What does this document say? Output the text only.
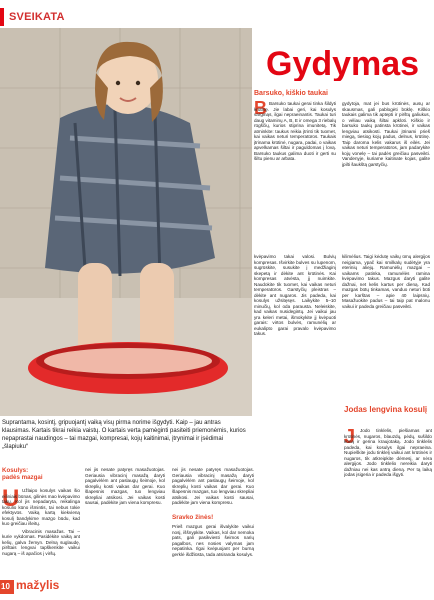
SVEIKATA
Gydymas
Suprantama, kosintį, gripuojantį vaiką visų pirma norime išgydyti. Kaip – jau antras klausimas. Kartais tikrai reikia vaistų. O kartais verta pamėginti pasiteiti priemonėmis, kurios nepaprastai naudingos – tai mazgai, kompresai, kojų kaitinimai, įtrynimai ir įsėdimai „šlapiuku“
Kosulys:
padės mazgai
U Užlaipo kosulys vaikas šio eiliniais būnas, gilinės mao kvėpavimo takų. Kol jis nepadaryta, reikalinga kosulio kūno išmintis, tai nebus tokie efektyvūs. Vaiką kartą kiekvieną kosulį bandykime mazgo būdu, kad kuo greičiau išeitų.

Vibracinis masažas. Tai – kurie vykdomas. Pasidėkite vaiką ant kelių, galva žemyn. Delną suglaudę, pirštais lengvai tapškenkite vaikui nugarą – iš apačios į viršų.

nei jis nesate patyręs masažuotojas. Geriausia vibracinį masažą daryti pagalvėlėm ant paslaugų šeimoje, kol skreplių kosti vaikas dar gerai. Kuo šlapesnis mazgas, tuo lengviau skrepliai atsikosi. Jei vaikas kosti sausai, padėkite jam viena kompresu.
Barsuko, kiškio taukai
B Barsuko taukai gerai tinka šildyti krūtinę. Jie labai geri, kai kosulys varginąs, ilgai nepraeinantis. Taukai turi daug vitaminų A, B, E ir omega 3 riebalų rūgščių, kurios stiprina imunitetą. Tik atminkite: taukus reikia įtrinti tik tuomet, kai vaikas neturi temperatūros. Taukais įtrinama krūtinė, nugara, padai, o vaikas apvelkamas šiltai ir paguldomas į lovą. Barsuko taukus galima duoti ir gerti su šiltu pienu ar arbata.
gydytoja, mat jei bus krūtinės, ausų ar skausmas, gali pablogėti būklę. Kiškio taukais galima tik aptepti ir pirštų galiukus, o vėliau vaiką šiltai apkloti. Kiškio ir barsuko taukų patinsta krūtinei, ir vaikas lengviau atsikosti. Taukai įtrinami prieš miegą, tiesiog kojų padus, delnus, krūtinę. Taip daroma kelis vakarus iš eilės. Jei vaikas neturi temperatūros, jam padarykite kojų vonelę – tai padės greičiau pasveikti. Vandenyje, kuriame kaitinate kojas, galite įpilti šaukštą garstyčių.
kvėpavimo takai valosi. Bulvių kompresas. Išvirkite bulves su lupenom, sugrūskite, susukite į medžiaginį skepetą ir dėkite ant krūtinės. Kai kompresas atvėsta, jį nuimkite. Naudokite tik tuomet, kai vaikas neturi temperatūros. Garstyčių pleistras – dėkite ant nugaros. Jis padeda, kai kosulys užsitęsęs. Laikykite 5–10 minučių, kol oda parausta. Neleiskite, kad vaikas nusidegintų. Jei vaikui jau yra keleri metai, išmokykite jį kvėpuoti garais: virtos bulvės, ramunėlių ar eukalipto garai pravalo kvėpavimo takus.
Sravko žinės!
Prieš mazgus gerai išvalykite vaikui nosį, iššnypkite. Vaikas, kol dar nemoka pats, gali pasikviesti šeimos narių pagalbos, nes nosies valymas jam nepatinka. Ilgai kvėpuojant per burną gerklė išdžiūsta, tada atsiranda kosulys.
nei jis nesate patyręs masažuotojas. Geriausia vibracinį masažą daryti pagalvėlėm ant paslaugų šeimoje, kol skreplių kosti vaikas dar gerai. Kuo šlapesnis mazgas, tuo lengviau skrepliai atsikosi. Jei vaikas kosti sausai, padėkite jam viena kompresu.
kilimėlius. Taigi kėdutę vaikų ūmų alergijos neigiama, ypač kai smilkalų sudėtyje yra eterinių aliejų. Ramunėlių mazgai – vaikams patinka, ramunėlės ramina kvėpavimo takus. Mazgus daryti galite dažnai, net kelis kartus per dieną. Kad mazgas būtų tinkamas, vanduo neturi būti per karštas – apie 40 laipsnių. Masažuokite padus – tai taip pat malonu vaikui ir padeda greičiau pasveikti.
Jodas lengvina kosulį
J	Jodo tinklelis, piešiamas ant krūtinės, nugaros, blauzdų, pėdų, sušildo kūną ir gerina kraujotaką. Jodo tinklelis padeda, kai kosulys ilgai nepraeina. Nupieškite jodu tinklelį vaikui ant krūtinės ir nugaros, tik atkreipkite dėmesį, ar nėra alergijos. Jodo tinklelio nereikia daryti dažniau nei kas antrą dieną. Per tą laiką jodas įsigeria ir padeda išgyti.
10 mažylis
